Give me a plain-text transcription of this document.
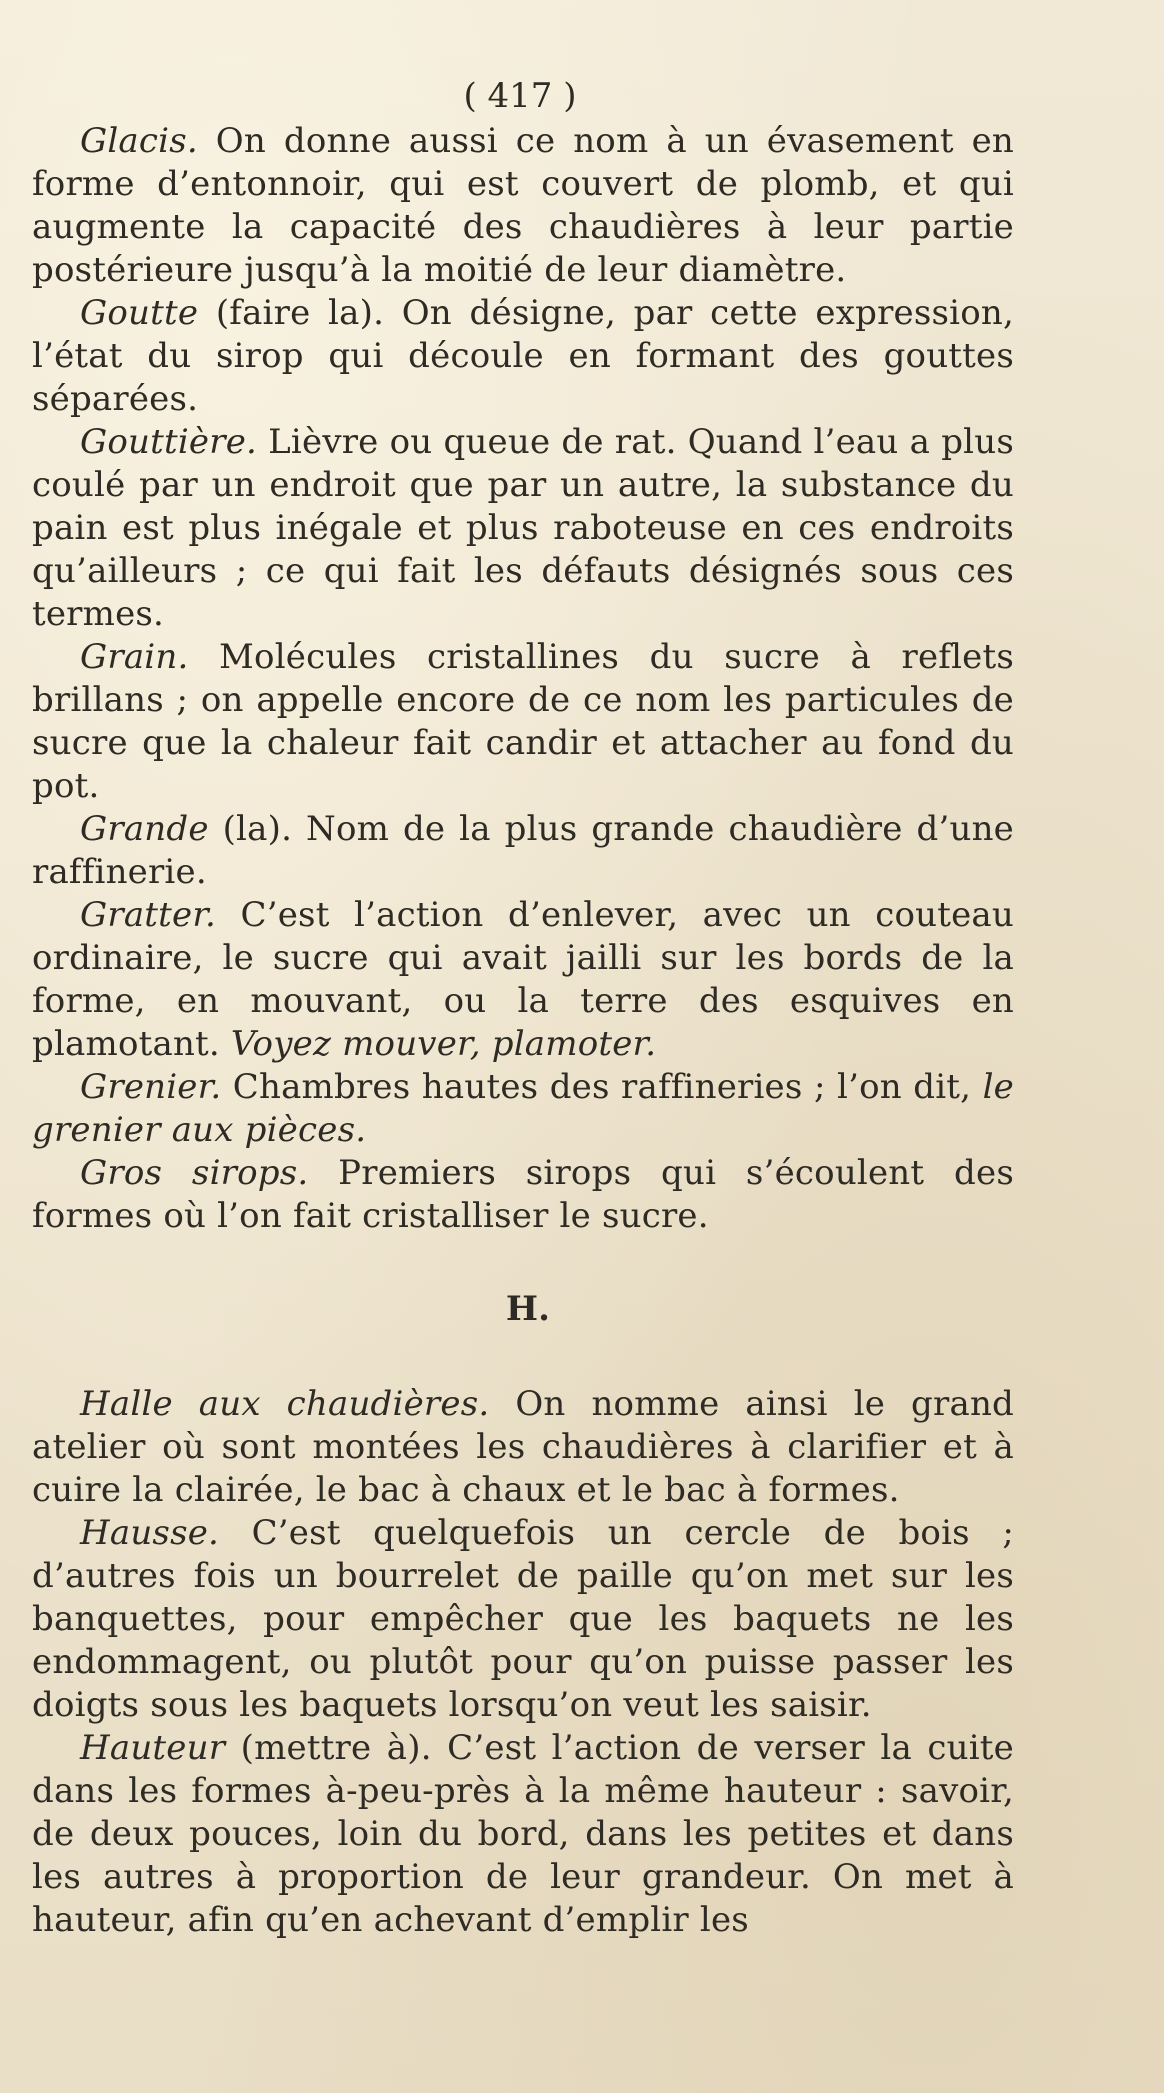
( 417 )

Glacis. On donne aussi ce nom à un évasement en forme d’entonnoir, qui est couvert de plomb, et qui augmente la capacité des chaudières à leur partie postérieure jusqu’à la moitié de leur diamètre.

Goutte (faire la). On désigne, par cette expression, l’état du sirop qui découle en formant des gouttes séparées.

Gouttière. Lièvre ou queue de rat. Quand l’eau a plus coulé par un endroit que par un autre, la substance du pain est plus inégale et plus raboteuse en ces endroits qu’ailleurs ; ce qui fait les défauts désignés sous ces termes.

Grain. Molécules cristallines du sucre à reflets brillans ; on appelle encore de ce nom les particules de sucre que la chaleur fait candir et attacher au fond du pot.

Grande (la). Nom de la plus grande chaudière d’une raffinerie.

Gratter. C’est l’action d’enlever, avec un couteau ordinaire, le sucre qui avait jailli sur les bords de la forme, en mouvant, ou la terre des esquives en plamotant. Voyez mouver, plamoter.

Grenier. Chambres hautes des raffineries ; l’on dit, le grenier aux pièces.

Gros sirops. Premiers sirops qui s’écoulent des formes où l’on fait cristalliser le sucre.

H.

Halle aux chaudières. On nomme ainsi le grand atelier où sont montées les chaudières à clarifier et à cuire la clairée, le bac à chaux et le bac à formes.

Hausse. C’est quelquefois un cercle de bois ; d’autres fois un bourrelet de paille qu’on met sur les banquettes, pour empêcher que les baquets ne les endommagent, ou plutôt pour qu’on puisse passer les doigts sous les baquets lorsqu’on veut les saisir.

Hauteur (mettre à). C’est l’action de verser la cuite dans les formes à-peu-près à la même hauteur : savoir, de deux pouces, loin du bord, dans les petites et dans les autres à proportion de leur grandeur. On met à hauteur, afin qu’en achevant d’emplir les
